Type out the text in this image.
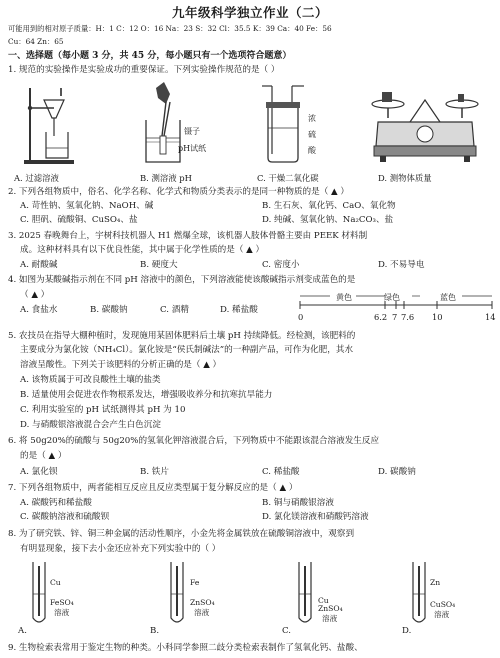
九年级科学独立作业（二）
可能用到的相对原子质量：H：1 C：12 O：16 Na：23 S：32 Cl：35.5 K：39 Ca：40 Fe：56
Cu：64 Zn：65
一、选择题（每小题 3 分，共 45 分，每小题只有一个选项符合题意）
1. 规范的实验操作是实验成功的重要保证。下列实验操作规范的是（ ）
镊子
pH试纸
浓
硫
酸
A. 过滤溶液	B. 测溶液 pH	C. 干燥二氧化碳	D. 测物体质量
2. 下列各组物质中，俗名、化学名称、化学式和物质分类表示的是同一种物质的是（ ▲ ）
A. 苛性钠、氢氧化钠、NaOH、碱	B. 生石灰、氧化钙、CaO、氧化物
C. 胆矾、硫酸铜、CuSO₄、盐	D. 纯碱、氢氧化钠、Na₂CO₃、盐
3. 2025 春晚舞台上，宇树科技机器人 H1 燃爆全球，该机器人肢体骨骼主要由 PEEK 材料制
成。这种材料具有以下优良性能，其中属于化学性质的是（ ▲ ）
A. 耐酸碱	B. 硬度大	C. 密度小	D. 不易导电
4. 如图为某酸碱指示剂在不同 pH 溶液中的颜色，下列溶液能使该酸碱指示剂变成蓝色的是
（ ▲ ）
A. 食盐水	B. 碳酸钠	C. 酒精	D. 稀盐酸
黄色	绿色	蓝色
0	6.2 7 7.6 10	14
5. 农技员在指导大棚种植时，发现施用某固体肥料后土壤 pH 持续降低。经检测，该肥料的
主要成分为氯化铵（NH₄Cl）。氯化铵是“侯氏制碱法”的一种副产品，可作为化肥，其水
溶液呈酸性。下列关于该肥料的分析正确的是（ ▲ ）
A. 该物质属于可改良酸性土壤的盐类
B. 适量使用会促进农作物根系发达，增强吸收养分和抗寒抗旱能力
C. 利用实验室的 pH 试纸测得其 pH 为 10
D. 与硝酸银溶液混合会产生白色沉淀
6. 将 50g20%的硫酸与 50g20%的氢氧化钾溶液混合后，下列物质中不能跟该混合溶液发生反应
的是（ ▲ ）
A. 氯化钡	B. 铁片	C. 稀盐酸	D. 碳酸钠
7. 下列各组物质中，两者能相互反应且反应类型属于复分解反应的是（ ▲ ）
A. 碳酸钙和稀盐酸	B. 铜与硝酸银溶液
C. 碳酸钠溶液和硫酸钡	D. 氯化镁溶液和硝酸钙溶液
8. 为了研究铁、锌、铜三种金属的活动性顺序，小金先将金属铁放在硫酸铜溶液中，观察到
有明显现象，接下去小金还应补充下列实验中的（ ）
Cu
FeSO₄
溶液
A.
Fe
ZnSO₄
溶液
B.
Cu
ZnSO₄
溶液
C.
Zn
CuSO₄
溶液
D.
9. 生物检索表常用于鉴定生物的种类。小科同学参照二歧分类检索表制作了氢氧化钙、盐酸、
